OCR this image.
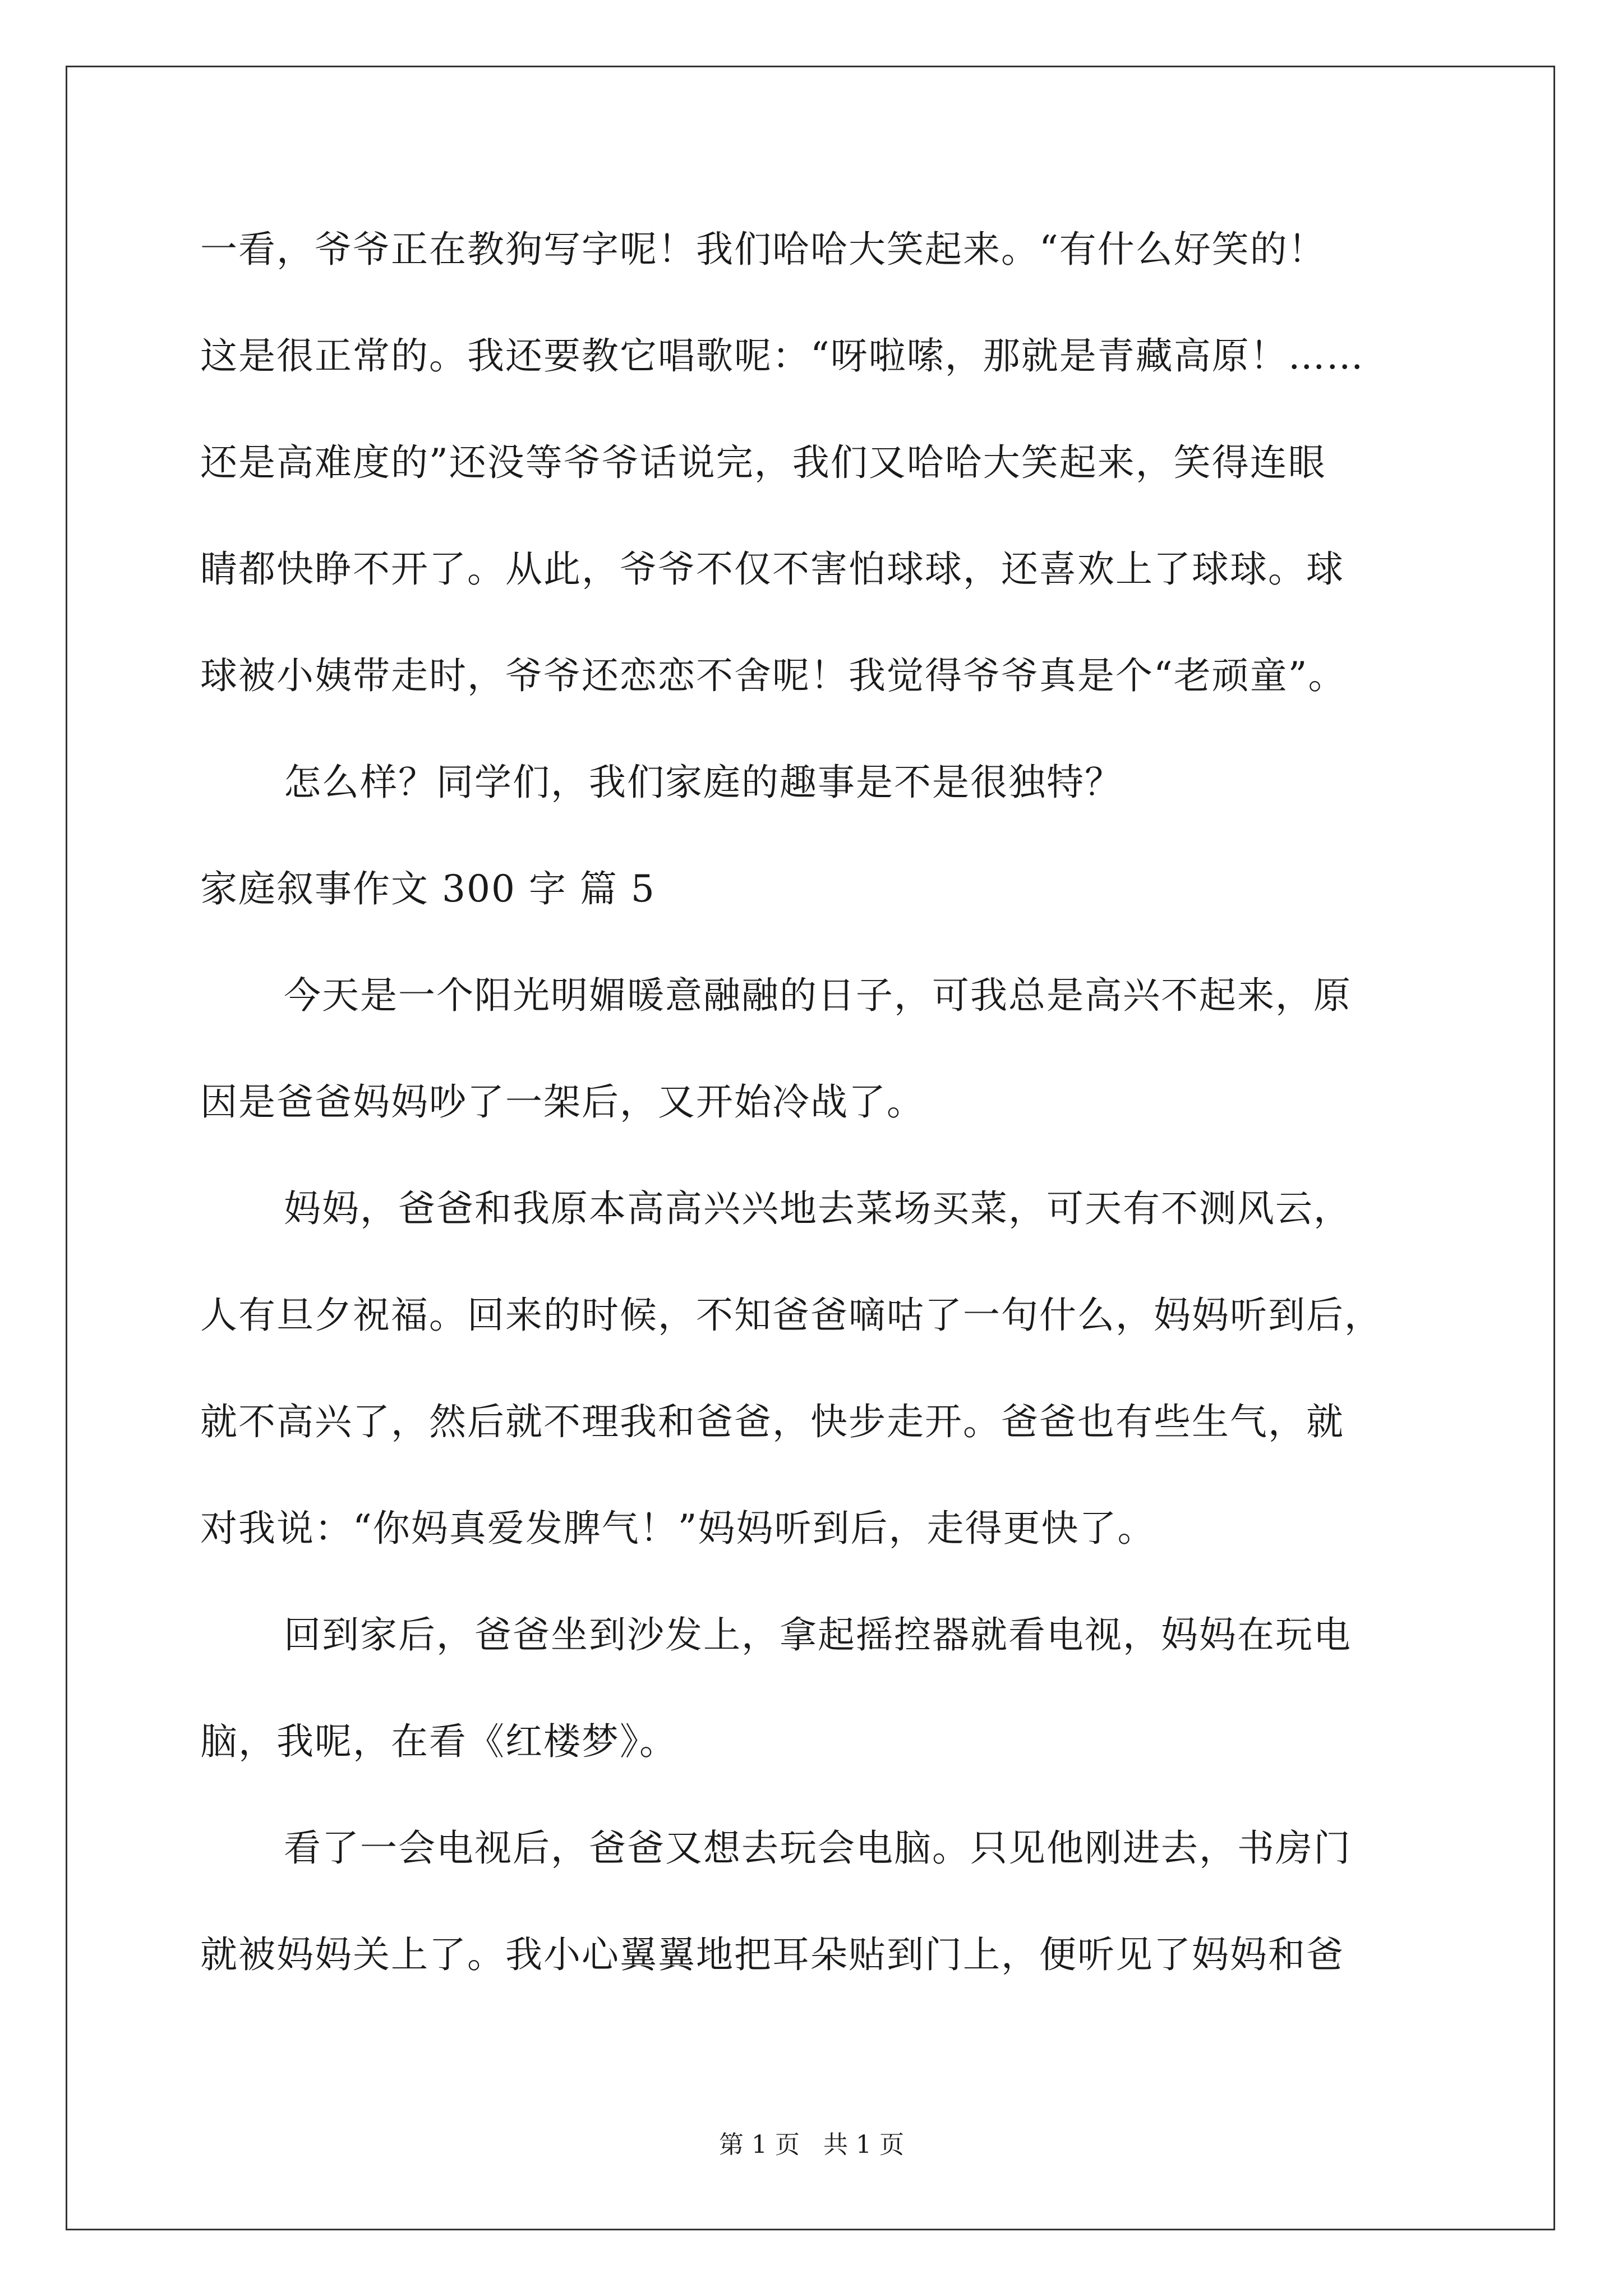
一看，爷爷正在教狗写字呢！我们哈哈大笑起来。“有什么好笑的！
这是很正常的。我还要教它唱歌呢：“呀啦嗦，那就是青藏高原！……
还是高难度的”还没等爷爷话说完，我们又哈哈大笑起来，笑得连眼
睛都快睁不开了。从此，爷爷不仅不害怕球球，还喜欢上了球球。球
球被小姨带走时，爷爷还恋恋不舍呢！我觉得爷爷真是个“老顽童”。
怎么样？同学们，我们家庭的趣事是不是很独特？
家庭叙事作文 300 字 篇 5
今天是一个阳光明媚暖意融融的日子，可我总是高兴不起来，原
因是爸爸妈妈吵了一架后，又开始冷战了。
妈妈，爸爸和我原本高高兴兴地去菜场买菜，可天有不测风云，
人有旦夕祝福。回来的时候，不知爸爸嘀咕了一句什么，妈妈听到后，
就不高兴了，然后就不理我和爸爸，快步走开。爸爸也有些生气，就
对我说：“你妈真爱发脾气！”妈妈听到后，走得更快了。
回到家后，爸爸坐到沙发上，拿起摇控器就看电视，妈妈在玩电
脑，我呢，在看《红楼梦》。
看了一会电视后，爸爸又想去玩会电脑。只见他刚进去，书房门
就被妈妈关上了。我小心翼翼地把耳朵贴到门上，便听见了妈妈和爸
第 1 页   共 1 页
